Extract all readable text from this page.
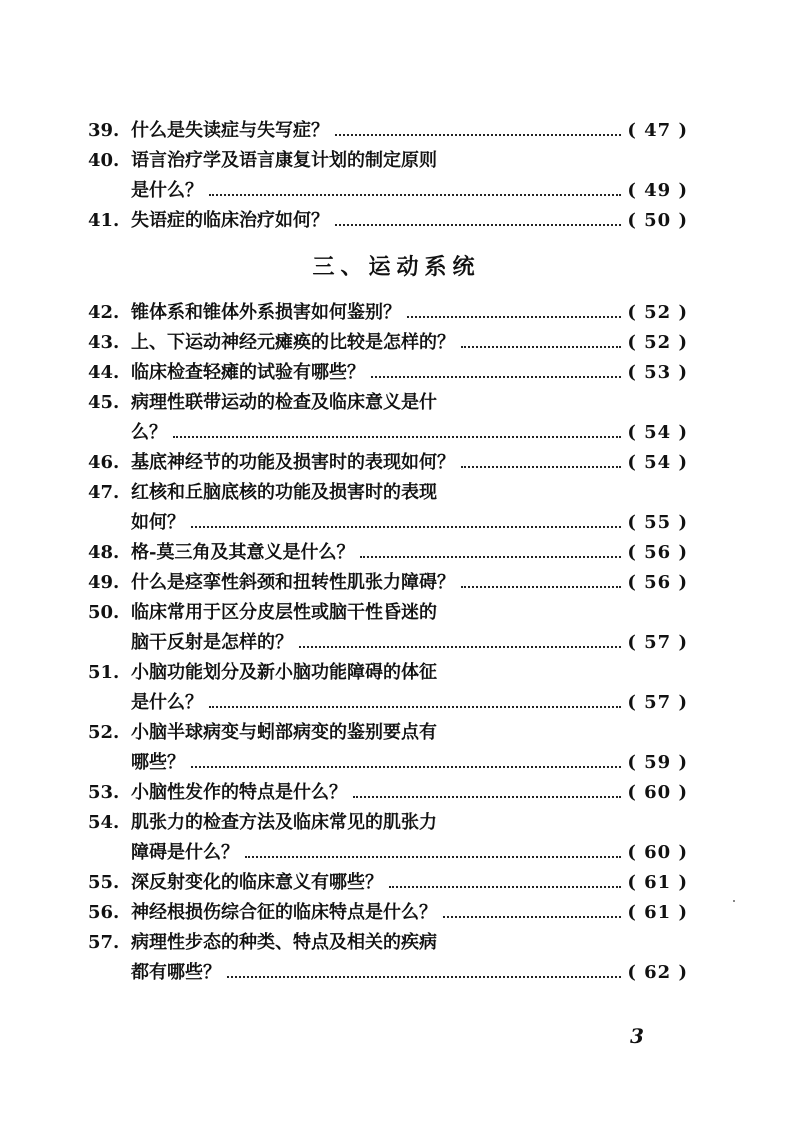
39. 什么是失读症与失写症？	( 47 )
40. 语言治疗学及语言康复计划的制定原则
是什么？	( 49 )
41. 失语症的临床治疗如何？	( 50 )
三、运动系统
42. 锥体系和锥体外系损害如何鉴别？	( 52 )
43. 上、下运动神经元瘫痪的比较是怎样的？	( 52 )
44. 临床检查轻瘫的试验有哪些？	( 53 )
45. 病理性联带运动的检查及临床意义是什
么？	( 54 )
46. 基底神经节的功能及损害时的表现如何？	( 54 )
47. 红核和丘脑底核的功能及损害时的表现
如何？	( 55 )
48. 格-莫三角及其意义是什么？	( 56 )
49. 什么是痉挛性斜颈和扭转性肌张力障碍？	( 56 )
50. 临床常用于区分皮层性或脑干性昏迷的
脑干反射是怎样的？	( 57 )
51. 小脑功能划分及新小脑功能障碍的体征
是什么？	( 57 )
52. 小脑半球病变与蚓部病变的鉴别要点有
哪些？	( 59 )
53. 小脑性发作的特点是什么？	( 60 )
54. 肌张力的检查方法及临床常见的肌张力
障碍是什么？	( 60 )
55. 深反射变化的临床意义有哪些？	( 61 )
56. 神经根损伤综合征的临床特点是什么？	( 61 )
57. 病理性步态的种类、特点及相关的疾病
都有哪些？	( 62 )
3
